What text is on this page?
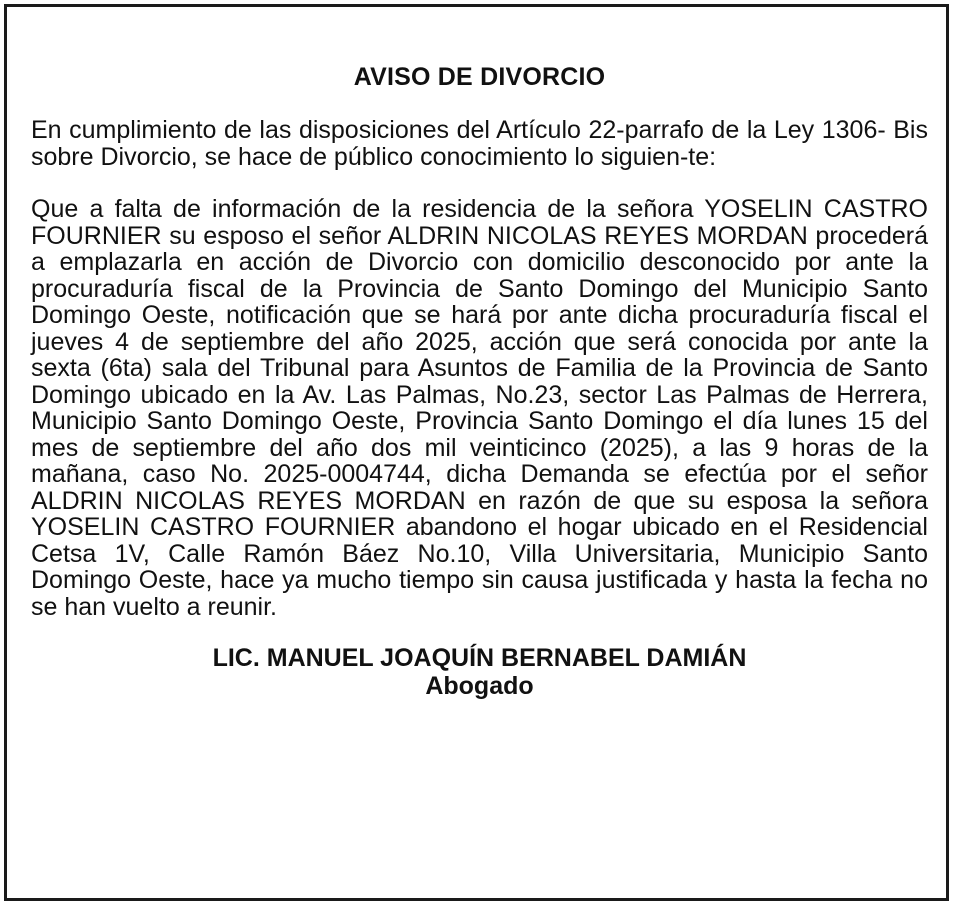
AVISO DE DIVORCIO

En cumplimiento de las disposiciones del Artículo 22-parrafo de la Ley 1306- Bis sobre Divorcio, se hace de público conocimiento lo siguien-te:

Que a falta de información de la residencia de la señora YOSELIN CASTRO FOURNIER su esposo el señor ALDRIN NICOLAS REYES MORDAN procederá a emplazarla en acción de Divorcio con domicilio desconocido por ante la procuraduría fiscal de la Provincia de Santo Domingo del Municipio Santo Domingo Oeste, notificación que se hará por ante dicha procuraduría fiscal el jueves 4 de septiembre del año 2025, acción que será conocida por ante la sexta (6ta) sala del Tribunal para Asuntos de Familia de la Provincia de Santo Domingo ubicado en la Av. Las Palmas, No.23, sector Las Palmas de Herrera, Municipio Santo Domingo Oeste, Provincia Santo Domingo el día lunes 15 del mes de septiembre del año dos mil veinticinco (2025), a las 9 horas de la mañana, caso No. 2025-0004744, dicha Demanda se efectúa por el señor ALDRIN NICOLAS REYES MORDAN en razón de que su esposa la señora YOSELIN CASTRO FOURNIER abandono el hogar ubicado en el Residencial Cetsa 1V, Calle Ramón Báez No.10, Villa Universitaria, Municipio Santo Domingo Oeste, hace ya mucho tiempo sin causa justificada y hasta la fecha no se han vuelto a reunir.

LIC. MANUEL JOAQUÍN BERNABEL DAMIÁN
Abogado
